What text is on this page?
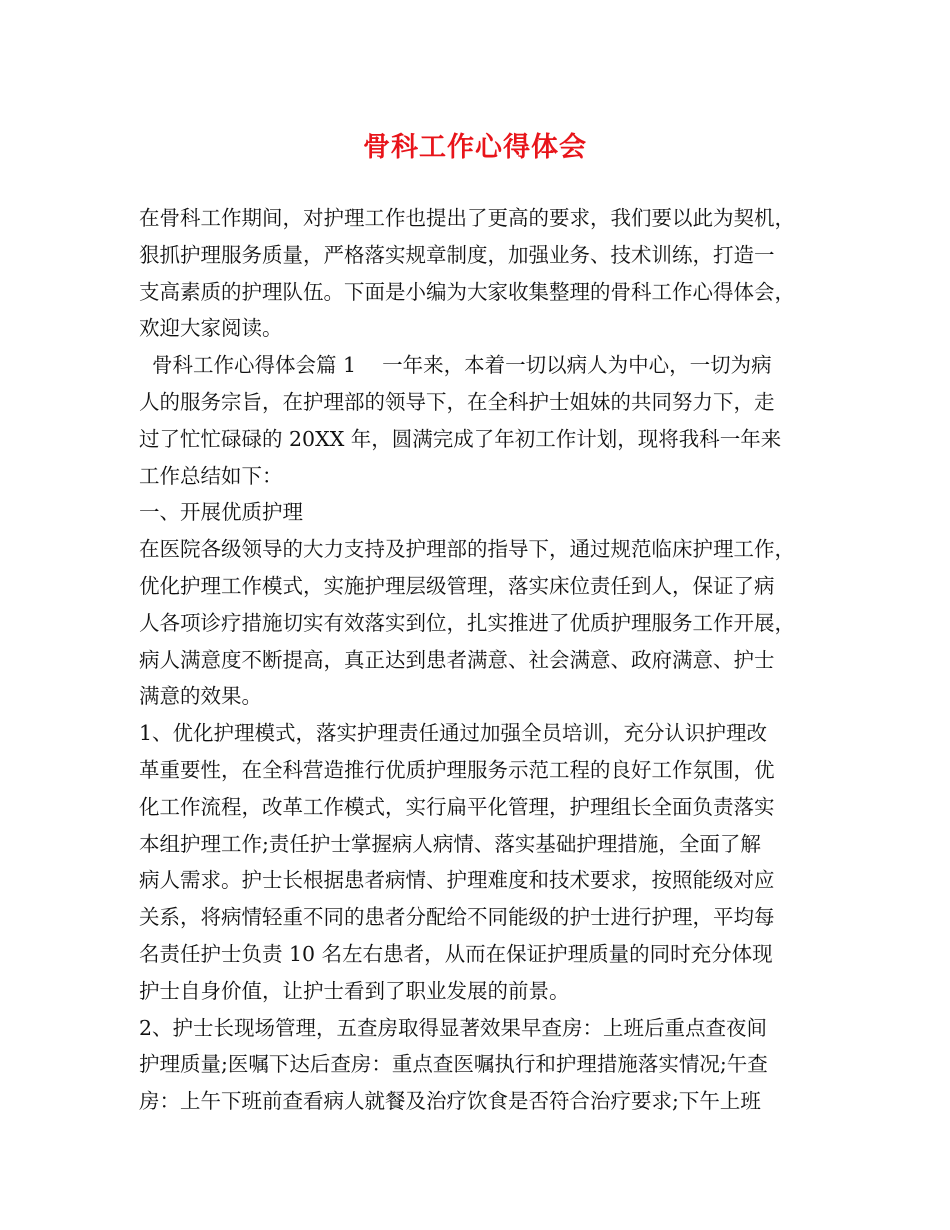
骨科工作心得体会
在骨科工作期间，对护理工作也提出了更高的要求，我们要以此为契机，
狠抓护理服务质量，严格落实规章制度，加强业务、技术训练，打造一
支高素质的护理队伍。下面是小编为大家收集整理的骨科工作心得体会，
欢迎大家阅读。
骨科工作心得体会篇 1    一年来，本着一切以病人为中心，一切为病
人的服务宗旨，在护理部的领导下，在全科护士姐妹的共同努力下，走
过了忙忙碌碌的 20XX 年，圆满完成了年初工作计划，现将我科一年来
工作总结如下：
一、开展优质护理
在医院各级领导的大力支持及护理部的指导下，通过规范临床护理工作，
优化护理工作模式，实施护理层级管理，落实床位责任到人，保证了病
人各项诊疗措施切实有效落实到位，扎实推进了优质护理服务工作开展，
病人满意度不断提高，真正达到患者满意、社会满意、政府满意、护士
满意的效果。
1、优化护理模式，落实护理责任通过加强全员培训，充分认识护理改
革重要性，在全科营造推行优质护理服务示范工程的良好工作氛围，优
化工作流程，改革工作模式，实行扁平化管理，护理组长全面负责落实
本组护理工作;责任护士掌握病人病情、落实基础护理措施，全面了解
病人需求。护士长根据患者病情、护理难度和技术要求，按照能级对应
关系，将病情轻重不同的患者分配给不同能级的护士进行护理，平均每
名责任护士负责 10 名左右患者，从而在保证护理质量的同时充分体现
护士自身价值，让护士看到了职业发展的前景。
2、护士长现场管理，五查房取得显著效果早查房：上班后重点查夜间
护理质量;医嘱下达后查房：重点查医嘱执行和护理措施落实情况;午查
房：上午下班前查看病人就餐及治疗饮食是否符合治疗要求;下午上班
